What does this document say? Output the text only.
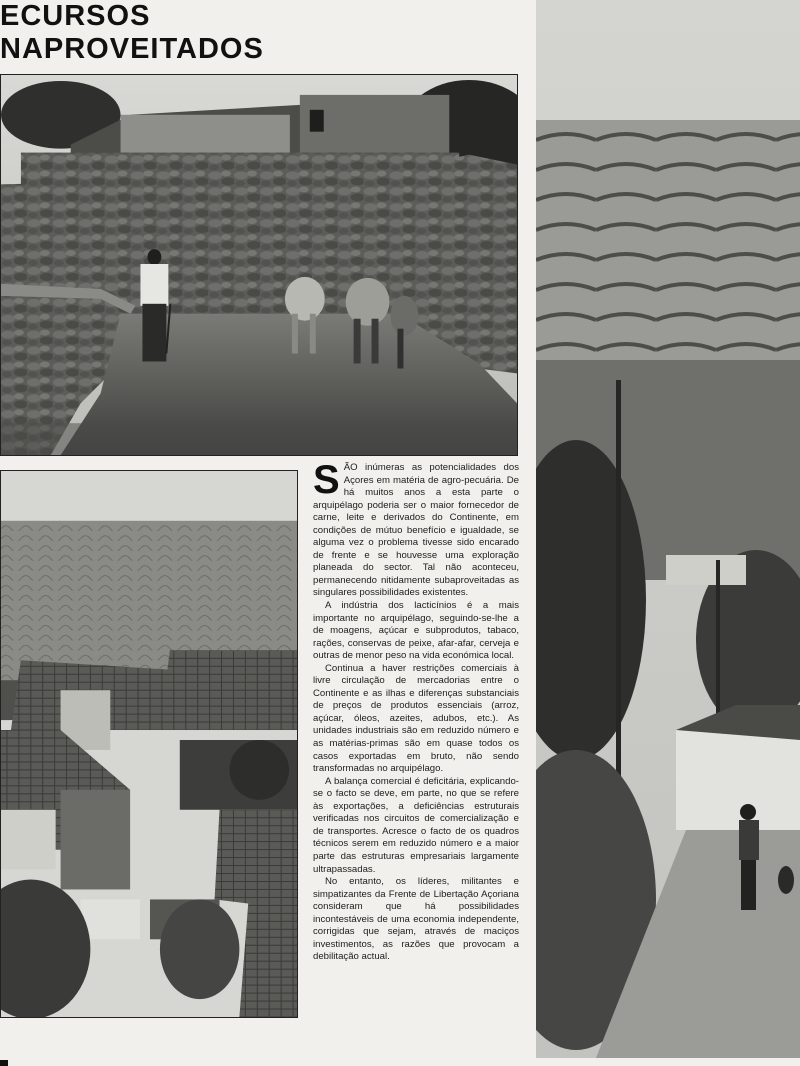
ECURSOS
NAPROVEITADOS

SÃO inúmeras as potencialidades dos Açores em matéria de agro-pecuária. De há muitos anos a esta parte o arquipélago poderia ser o maior fornecedor de carne, leite e derivados do Continente, em condições de mútuo benefício e igualdade, se alguma vez o problema tivesse sido encarado de frente e se houvesse uma exploração planeada do sector. Tal não aconteceu, permanecendo nitidamente subaproveitadas as singulares possibilidades existentes.

A indústria dos lacticínios é a mais importante no arquipélago, seguindo-se-lhe a de moagens, açúcar e subprodutos, tabaco, rações, conservas de peixe, afar-afar, cerveja e outras de menor peso na vida económica local.

Continua a haver restrições comerciais à livre circulação de mercadorias entre o Continente e as ilhas e diferenças substanciais de preços de produtos essenciais (arroz, açúcar, óleos, azeites, adubos, etc.). As unidades industriais são em reduzido número e as matérias-primas são em quase todos os casos exportadas em bruto, não sendo transformadas no arquipélago.

A balança comercial é deficitária, explicando-se o facto se deve, em parte, no que se refere às exportações, a deficiências estruturais verificadas nos circuitos de comercialização e de transportes. Acresce o facto de os quadros técnicos serem em reduzido número e a maior parte das estruturas empresariais largamente ultrapassadas.

No entanto, os líderes, militantes e simpatizantes da Frente de Libertação Açoriana consideram que há possibilidades incontestáveis de uma economia independente, corrigidas que sejam, através de maciços investimentos, as razões que provocam a debilitação actual.
